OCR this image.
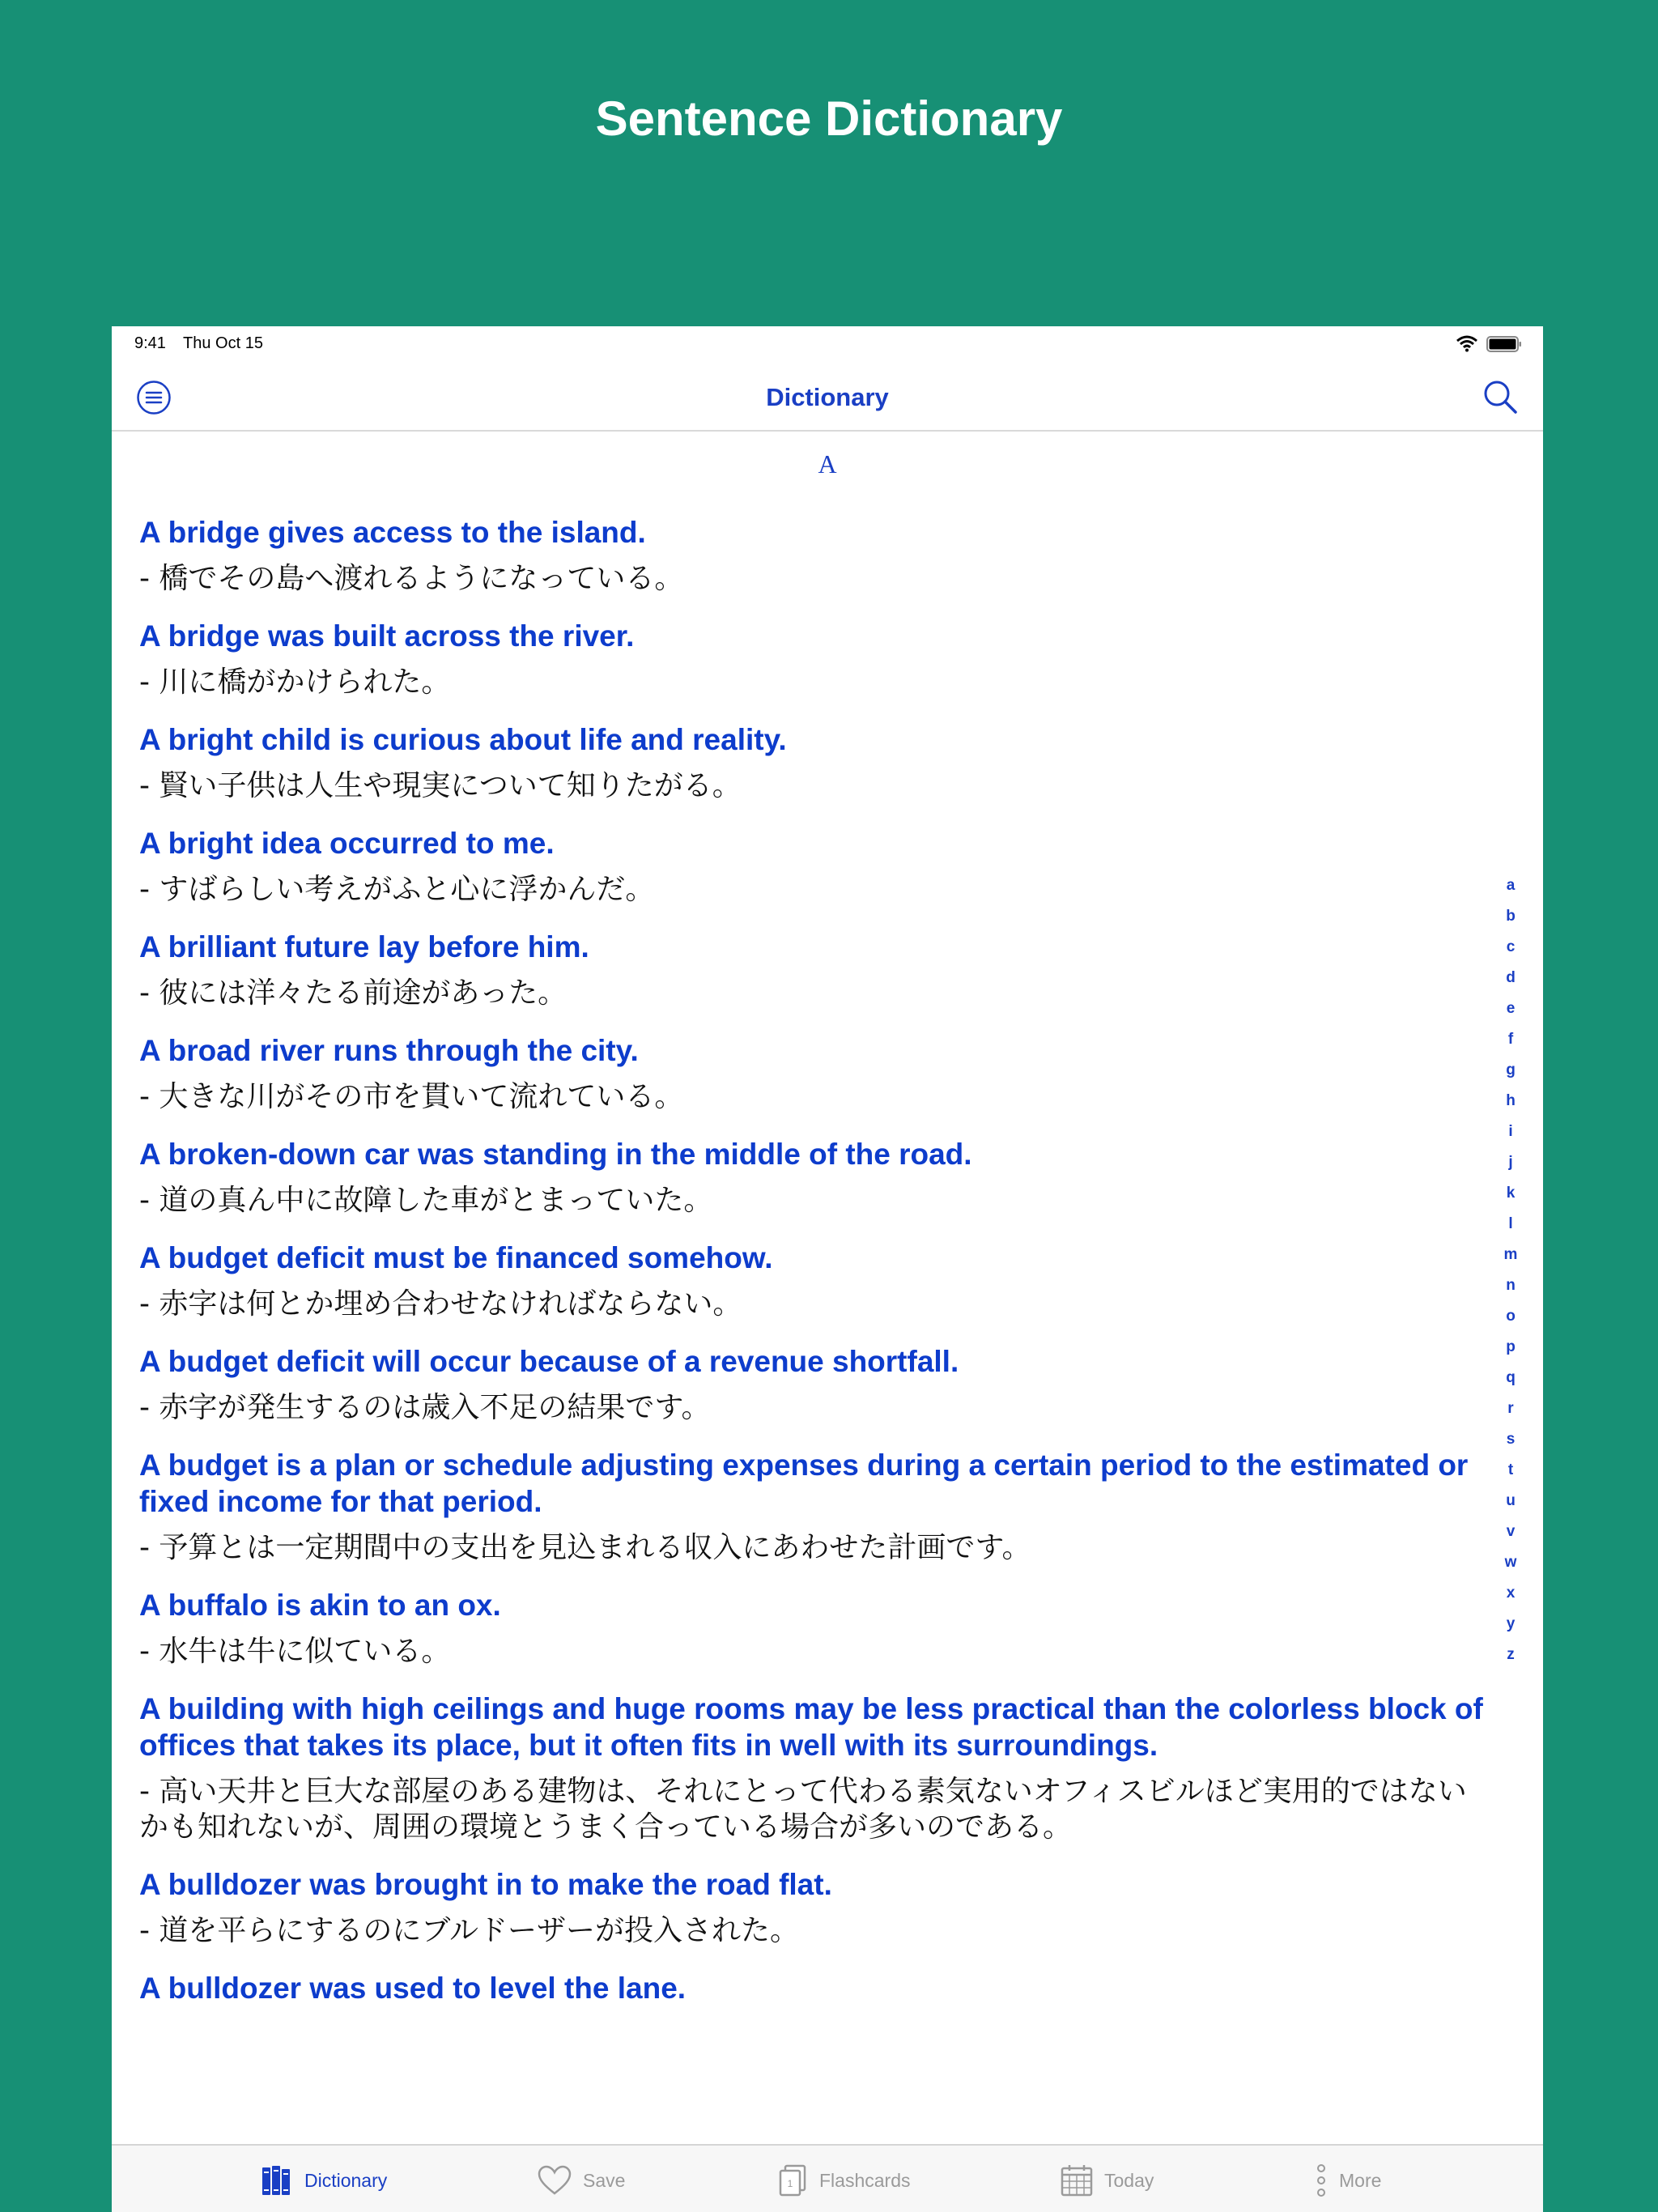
Sentence Dictionary
9:41 Thu Oct 15
Dictionary
A
A bridge gives access to the island.
- 橋でその島へ渡れるようになっている。
A bridge was built across the river.
- 川に橋がかけられた。
A bright child is curious about life and reality.
- 賢い子供は人生や現実について知りたがる。
A bright idea occurred to me.
- すばらしい考えがふと心に浮かんだ。
A brilliant future lay before him.
- 彼には洋々たる前途があった。
A broad river runs through the city.
- 大きな川がその市を貫いて流れている。
A broken-down car was standing in the middle of the road.
- 道の真ん中に故障した車がとまっていた。
A budget deficit must be financed somehow.
- 赤字は何とか埋め合わせなければならない。
A budget deficit will occur because of a revenue shortfall.
- 赤字が発生するのは歳入不足の結果です。
A budget is a plan or schedule adjusting expenses during a certain period to the estimated or fixed income for that period.
- 予算とは一定期間中の支出を見込まれる収入にあわせた計画です。
A buffalo is akin to an ox.
- 水牛は牛に似ている。
A building with high ceilings and huge rooms may be less practical than the colorless block of offices that takes its place, but it often fits in well with its surroundings.
- 高い天井と巨大な部屋のある建物は、それにとって代わる素気ないオフィスビルほど実用的ではないかも知れないが、周囲の環境とうまく合っている場合が多いのである。
A bulldozer was brought in to make the road flat.
- 道を平らにするのにブルドーザーが投入された。
A bulldozer was used to level the lane.
a
b
c
d
e
f
g
h
i
j
k
l
m
n
o
p
q
r
s
t
u
v
w
x
y
z
Dictionary	Save	1 Flashcards	Today	More
